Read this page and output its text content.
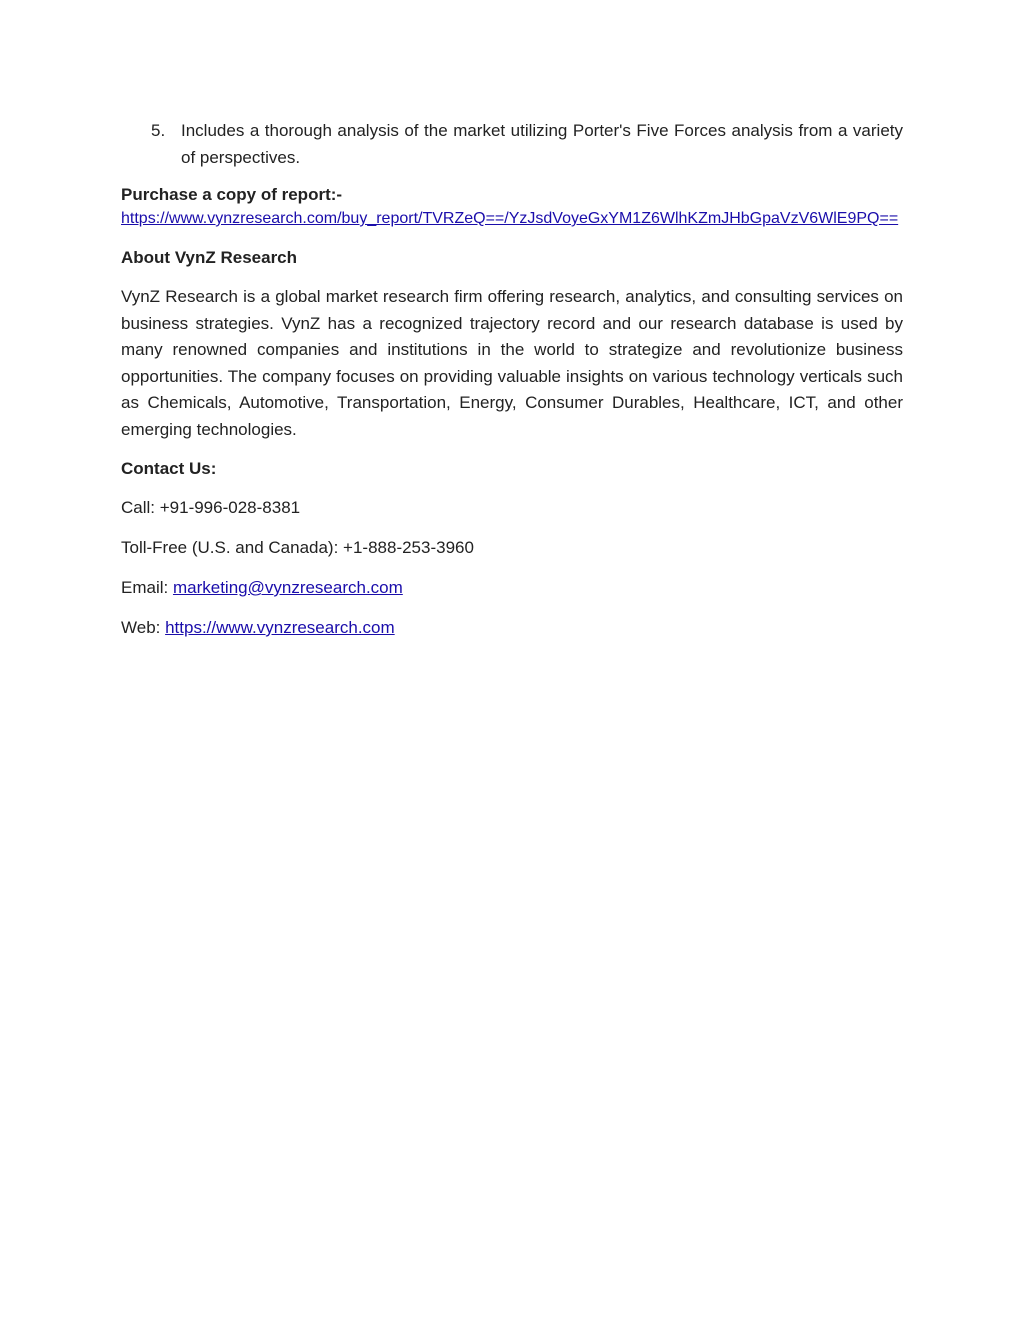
5. Includes a thorough analysis of the market utilizing Porter's Five Forces analysis from a variety of perspectives.

Purchase a copy of report:-

https://www.vynzresearch.com/buy_report/TVRZeQ==/YzJsdVoyeGxYM1Z6WlhKZmJHbGpaVzV6WlE9PQ==

About VynZ Research

VynZ Research is a global market research firm offering research, analytics, and consulting services on business strategies. VynZ has a recognized trajectory record and our research database is used by many renowned companies and institutions in the world to strategize and revolutionize business opportunities. The company focuses on providing valuable insights on various technology verticals such as Chemicals, Automotive, Transportation, Energy, Consumer Durables, Healthcare, ICT, and other emerging technologies.

Contact Us:

Call: +91-996-028-8381

Toll-Free (U.S. and Canada): +1-888-253-3960

Email: marketing@vynzresearch.com

Web: https://www.vynzresearch.com
